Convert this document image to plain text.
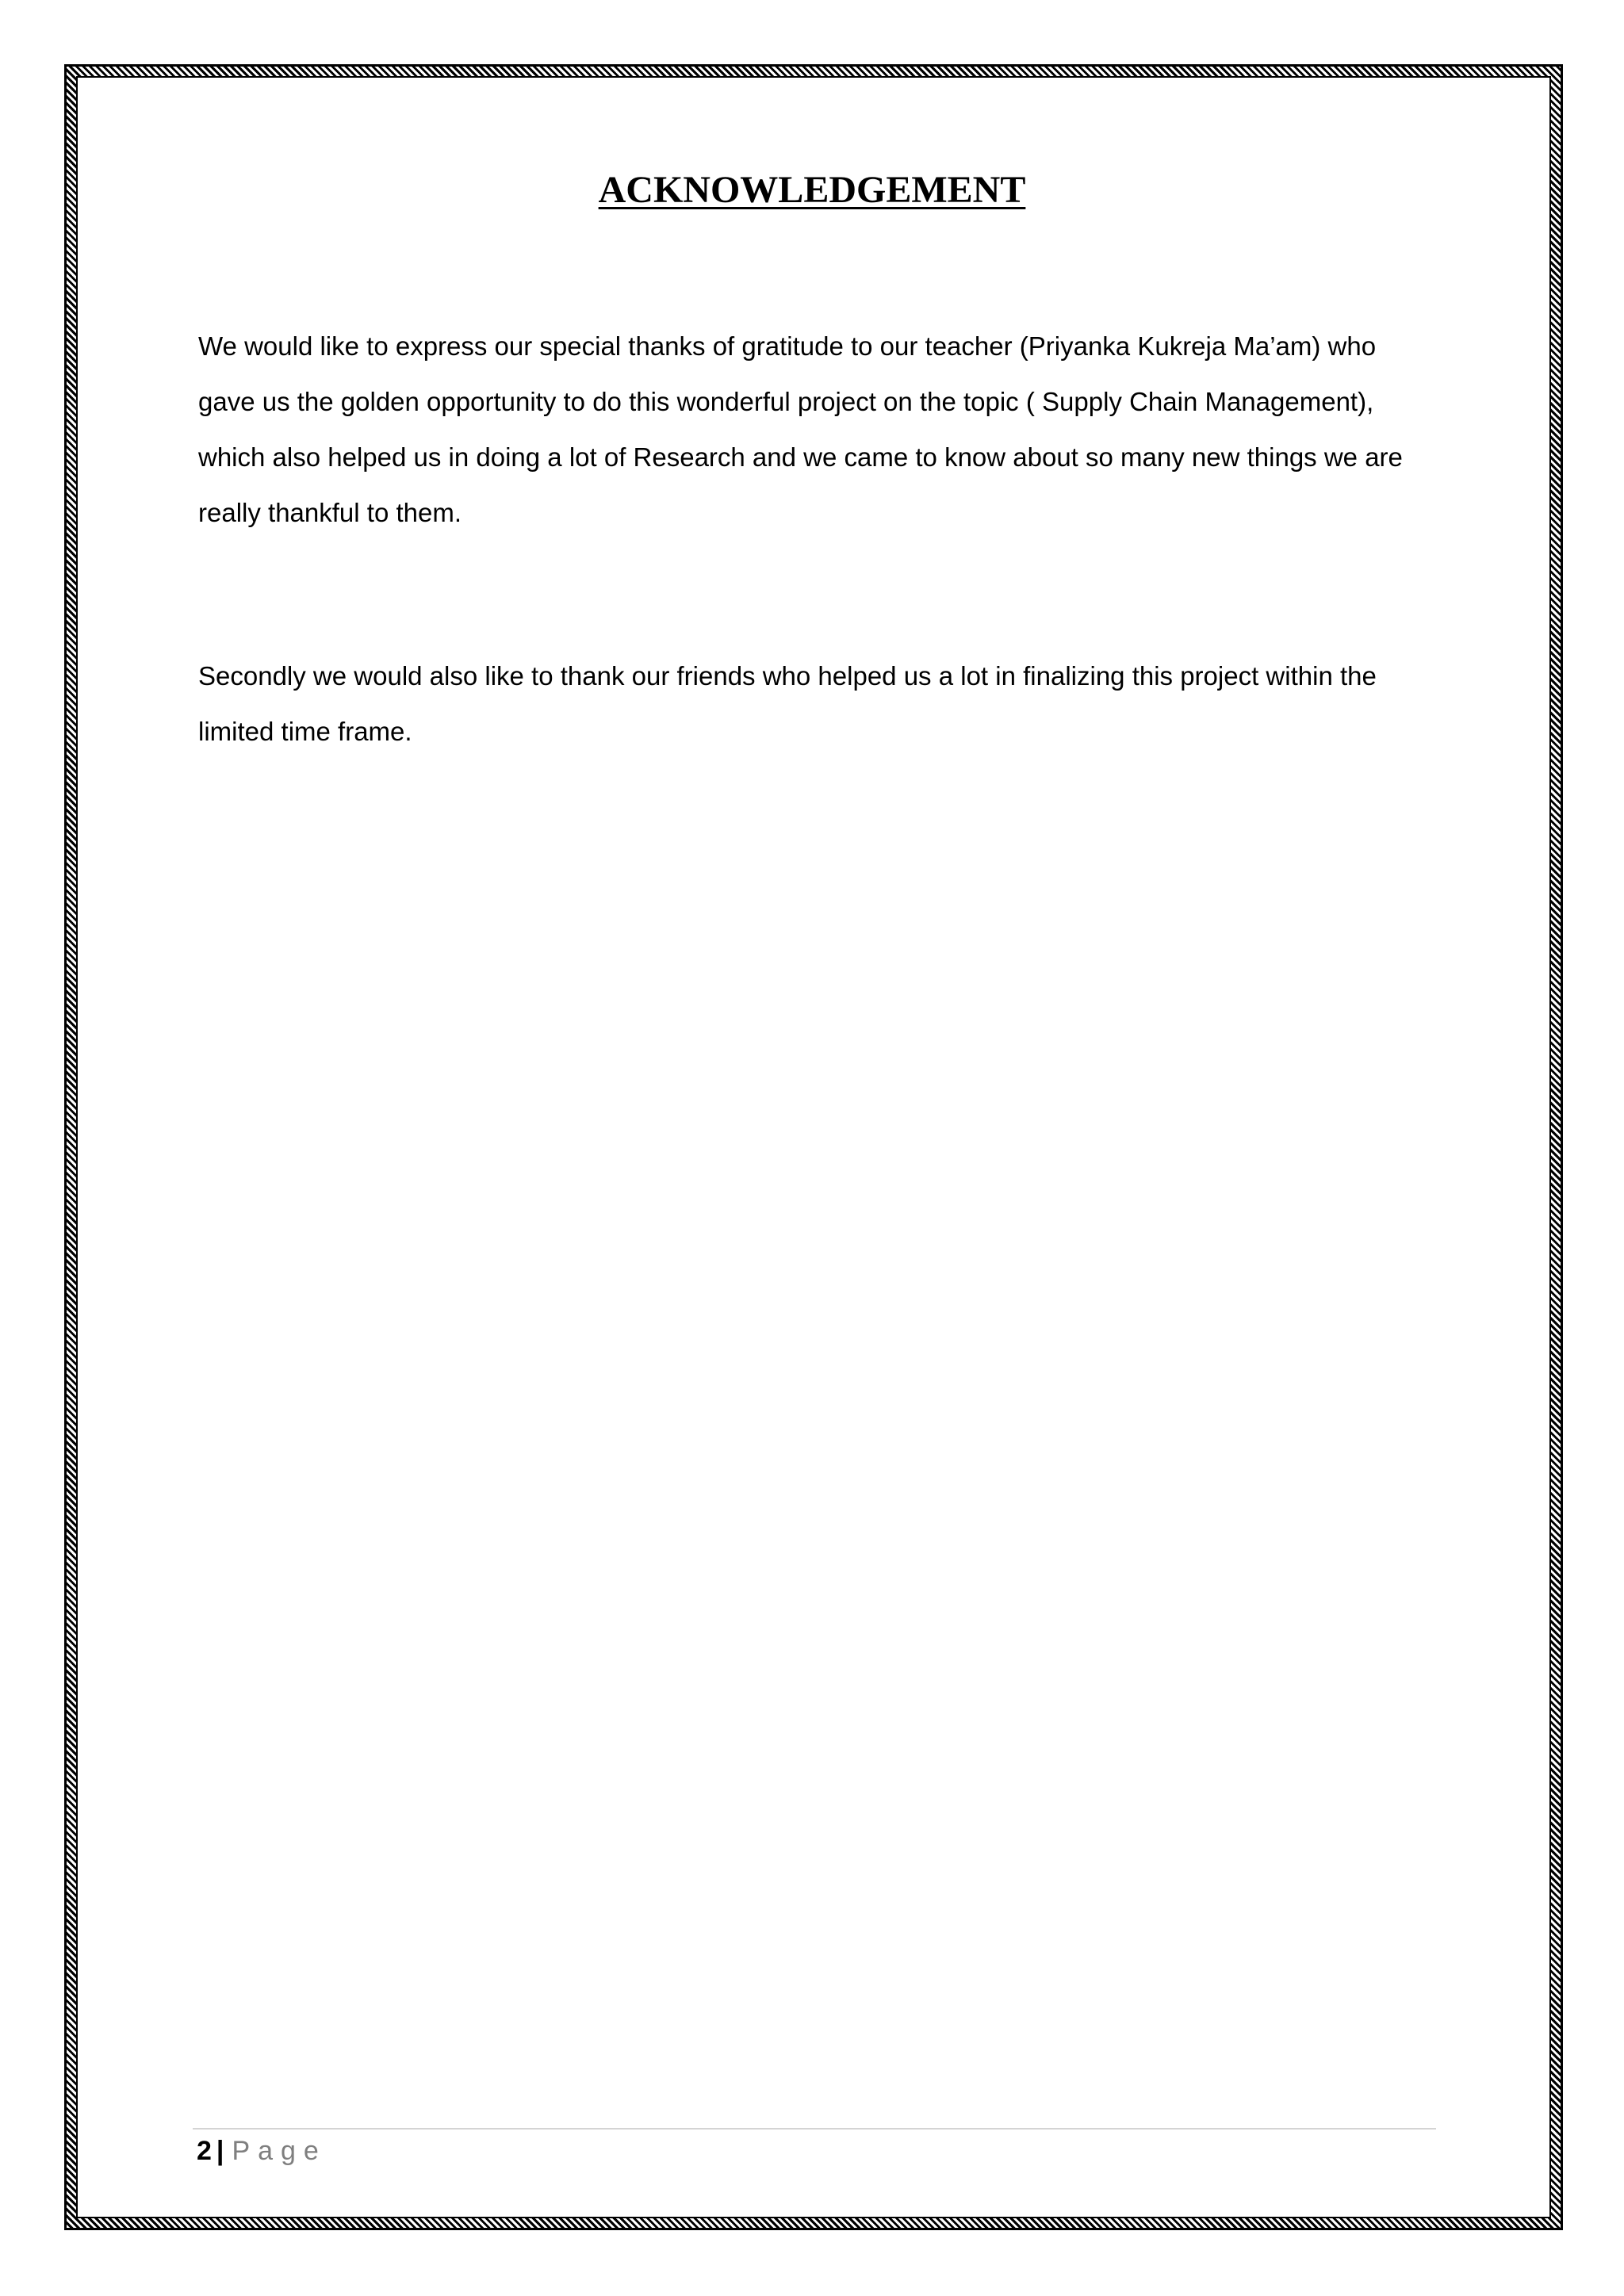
ACKNOWLEDGEMENT

We would like to express our special thanks of gratitude to our teacher (Priyanka Kukreja Ma’am) who gave us the golden opportunity to do this wonderful project on the topic ( Supply Chain Management), which also helped us in doing a lot of Research and we came to know about so many new things we are really thankful to them.

Secondly we would also like to thank our friends who helped us a lot in finalizing this project within the limited time frame.

2 | Page
